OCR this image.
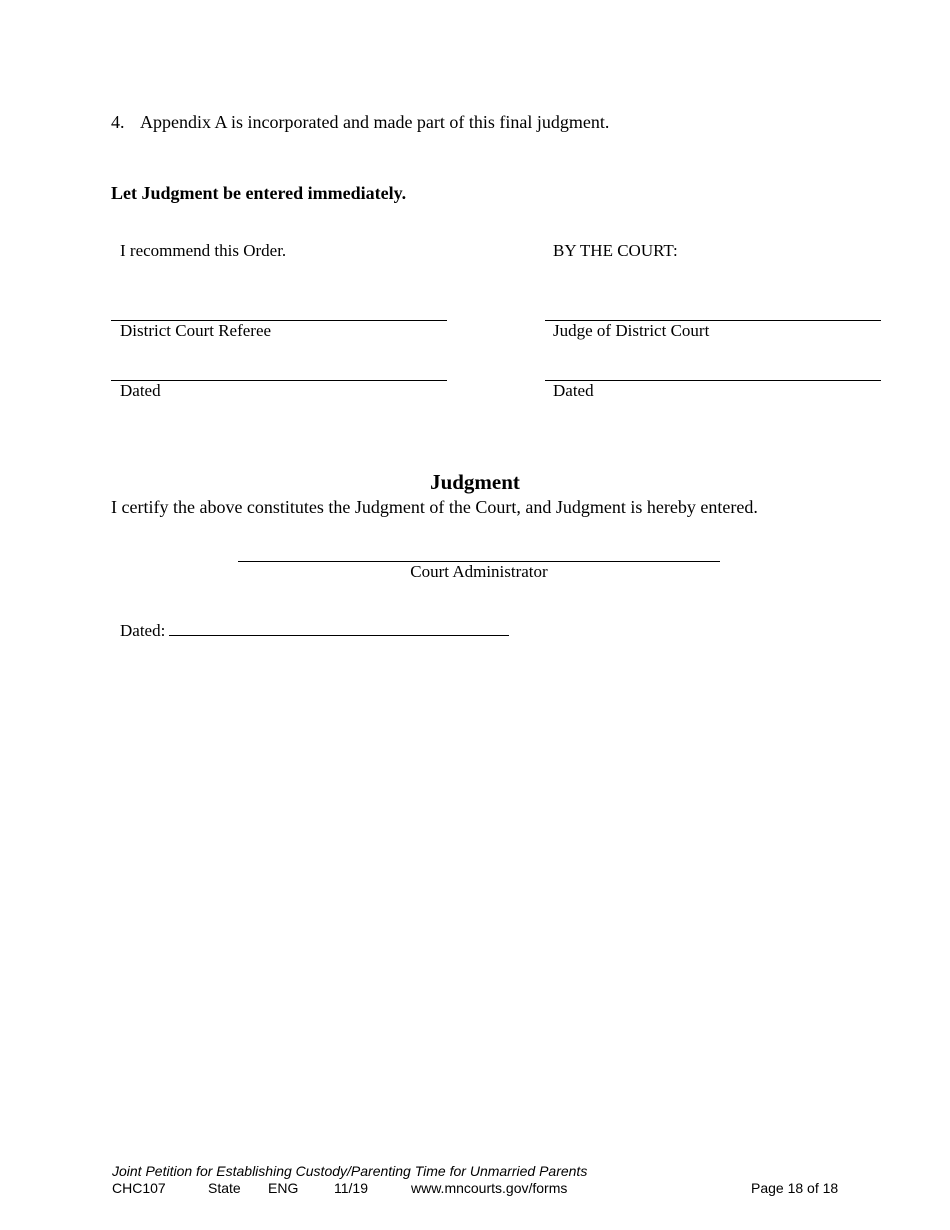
4. Appendix A is incorporated and made part of this final judgment.
Let Judgment be entered immediately.
I recommend this Order.
District Court Referee
Dated
BY THE COURT:
Judge of District Court
Dated
Judgment
I certify the above constitutes the Judgment of the Court, and Judgment is hereby entered.
Court Administrator
Dated:
Joint Petition for Establishing Custody/Parenting Time for Unmarried Parents
CHC107	State ENG	11/19	www.mncourts.gov/forms	Page 18 of 18
